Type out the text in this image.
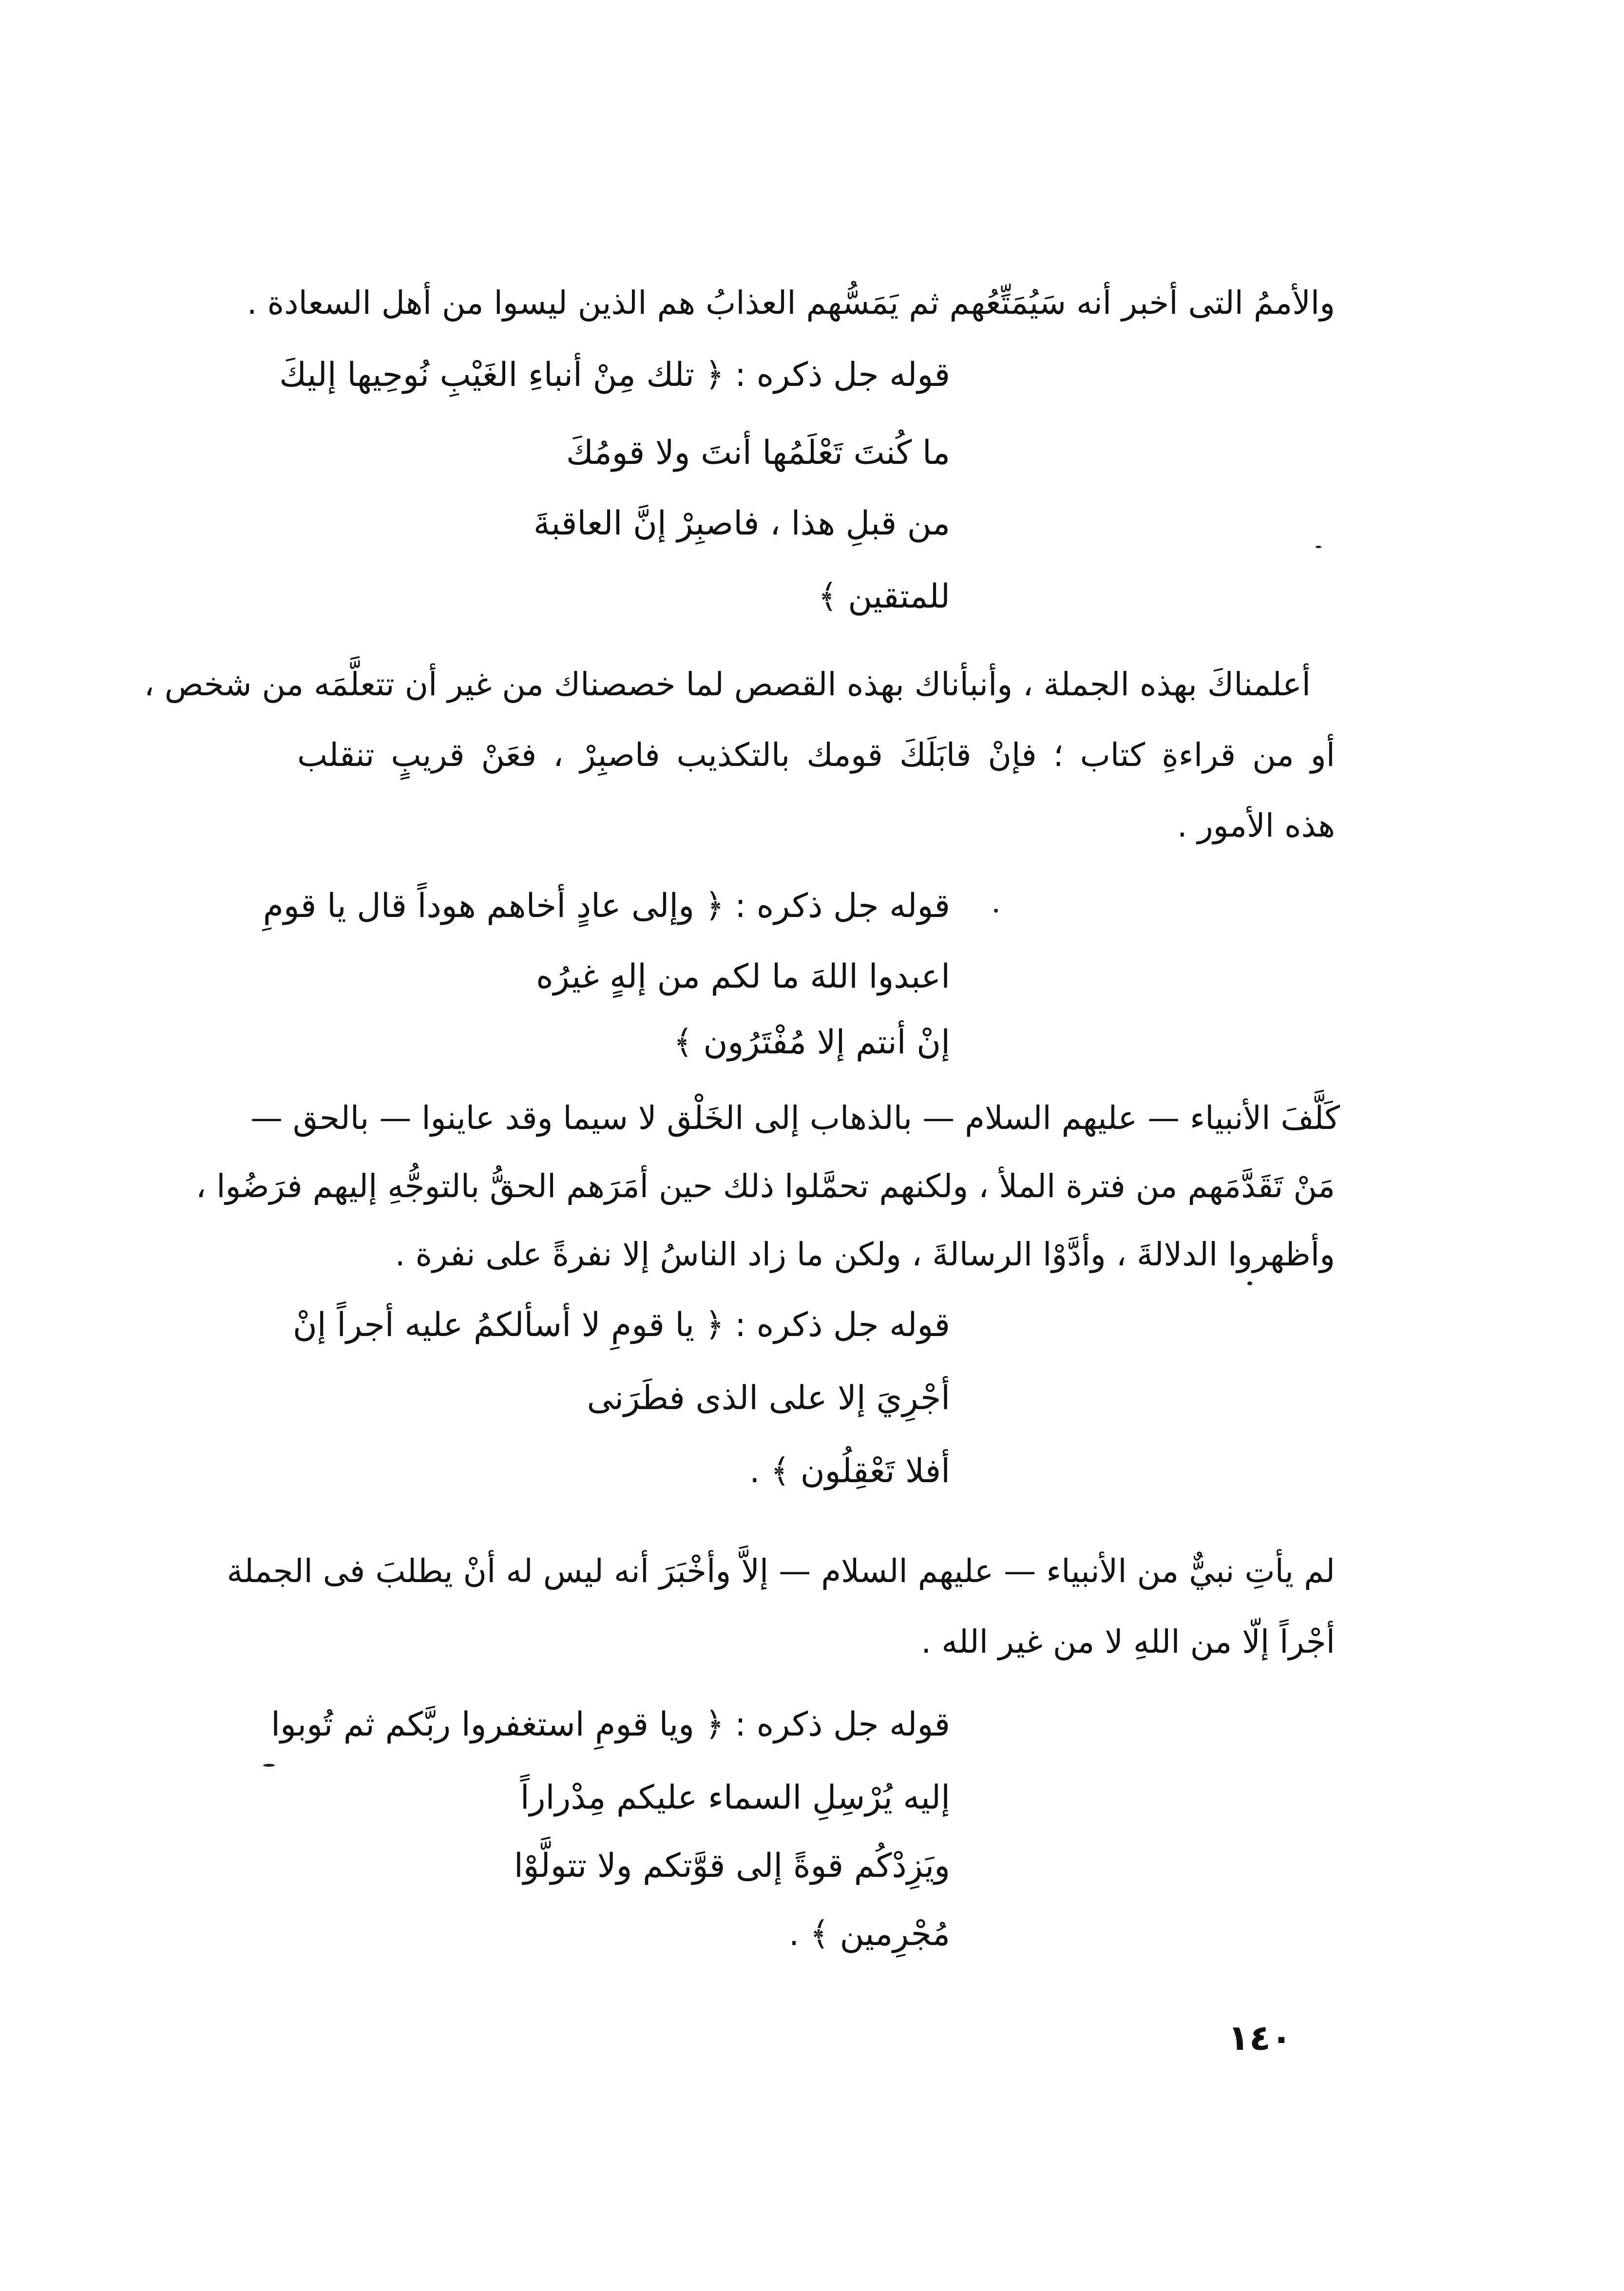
والأممُ التى أخبر أنه سَيُمَتِّعُهم ثم يَمَسُّهم العذابُ هم الذين ليسوا من أهل السعادة .
قوله جل ذكره : ﴿ تلك مِنْ أنباءِ الغَيْبِ نُوحِيها إليكَ
ما كُنتَ تَعْلَمُها أنتَ ولا قومُكَ
من قبلِ هذا ، فاصبِرْ إنَّ العاقبةَ
للمتقين ﴾
أعلمناكَ بهذه الجملة ، وأنبأناك بهذه القصص لما خصصناك من غير أن تتعلَّمَه من شخص ،
أو من قراءةِ كتاب ؛ فإنْ قابَلَكَ قومك بالتكذيب فاصبِرْ ، فعَنْ قريبٍ تنقلب
هذه الأمور .
قوله جل ذكره : ﴿ وإلى عادٍ أخاهم هوداً قال يا قومِ
اعبدوا اللهَ ما لكم من إلهٍ غيرُه
إنْ أنتم إلا مُفْتَرُون ﴾
كَلَّفَ الأنبياء — عليهم السلام — بالذهاب إلى الخَلْق لا سيما وقد عاينوا — بالحق —
مَنْ تَقَدَّمَهم من فترة الملأ ، ولكنهم تحمَّلوا ذلك حين أمَرَهم الحقُّ بالتوجُّهِ إليهم فرَضُوا ،
وأظهروا الدلالةَ ، وأدَّوْا الرسالةَ ، ولكن ما زاد الناسُ إلا نفرةً على نفرة .
قوله جل ذكره : ﴿ يا قومِ لا أسألكمُ عليه أجراً إنْ
أجْرِيَ إلا على الذى فطَرَنى
أفلا تَعْقِلُون ﴾ .
لم يأتِ نبيٌّ من الأنبياء — عليهم السلام — إلاَّ وأخْبَرَ أنه ليس له أنْ يطلبَ فى الجملة
أجْراً إلّا من اللهِ لا من غير الله .
قوله جل ذكره : ﴿ ويا قومِ استغفروا ربَّكم ثم تُوبوا
إليه يُرْسِلِ السماء عليكم مِدْراراً
ويَزِدْكُم قوةً إلى قوَّتكم ولا تتولَّوْا
مُجْرِمين ﴾ .
١٤٠
